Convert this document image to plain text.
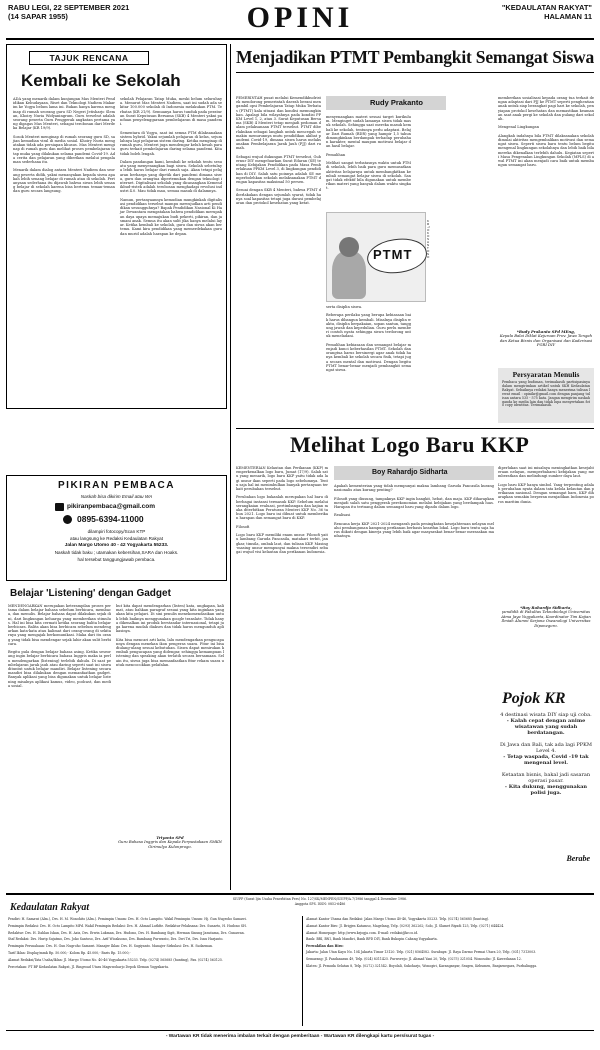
RABU LEGI, 22 SEPTEMBER 2021
(14 SAPAR 1955)	OPINI	"KEDAULATAN RAKYAT"
HALAMAN 11
TAJUK RENCANA
Kembali ke Sekolah
ADA yang menarik dalam kunjungan Mas Menteri Pendidikan Kebudayaan, Riset dan Teknologi Nadiem Makarim ke Yogya belum lama ini. Bukan hanya karena menginap di rumah seorang guru SD Negeri Jetisharjo Sleman, Khoiry Nuria Widyaningrum. Guru tersebut adalah seorang peserta Guru Penggerak angkatan pertama yang digagas Mas Menteri, sebagai terobosan dari Merdeka Belajar (KR 19/9).

Sosok Menteri menginap di rumah seorang guru SD, sajian kemudian viral di media sosial. Khoiry Nuria mengatakan tidak ada persiapan khusus. Mas Menteri menginap di rumah guru dan melihat proses pembelajaran tatap muka yang dilakukan selama pandemi Covid-19. Ada cerita dan pelajaran yang diberikan melalui pengalaman sederhana itu.

Menarik dalam dialog antara Menteri Nadiem dan seorang peserta didik, yakni menanyakan kepada siswa apakah lebih senang belajar di rumah atau di sekolah. Pertanyaan sederhana itu dijawab bahwa siswa lebih senang belajar di sekolah karena bisa bertemu teman-teman dan guru secara langsung.
sekolah Pelajaran Tatap Muka, meski belum seluruhnya. Menurut Mas Menteri Nadiem, saat ini sudah ada sekitar 100.000 sekolah di Indonesia melakukan PTM. Terbatas (KR 21/9). Semuanya harus tunduk pada peraturan Surat Keputusan Bersama (SKB) 4 Menteri yakni panduan penyelenggaraan pembelajaran di masa pandemi.

Sementara di Yogya, saat ini semua PTM dilaksanakan sistem hybrid. Yakni sejumlah pelajaran di kelas, sejumlahnya lagi pelajaran sistem daring. Ketika menginap di rumah guru, Menteri juga mendengar keluh kesah para guru terkait pembelajaran daring selama pandemi. Kita tidak boleh lengah.

Dalam pandangan kami, kembali ke sekolah tentu sesuatu yang menyenangkan bagi siswa. Sekolah sebetulnya lebih harus belajar dari rumah saja. Akan tetapi pelajaran berharga yang dipetik dari pandemi dimana siswa, guru dan orangtua dipertemukan dengan teknologi internet. Digitalisasi sekolah yang dicanangkan Kemendikbud-ristek adalah terobosan menghadapi revolusi industri 4.0. Mau tidak mau, semua masuk di dalamnya.

Namun, pertanyaannya kemudian mungkinkah digitalisasi pendidikan tersebut mampu mewujudkan arti pendidikan sesungguhnya? Bapak Pendidikan Nasional Ki Hajar Dewantara mengatakan bahwa pendidikan merupakan daya upaya memajukan budi pekerti, pikiran, dan jasmani anak. Semua itu akan sulit jika hanya melalui layar. Ketika kembali ke sekolah, guru dan siswa akan bertemu. Kami kira pendidikan yang memerdekakan guru dan murid adalah harapan ke depan.
PIKIRAN PEMBACA
Naskah bisa dikirim Email atau WA
pikiranpembaca@gmail.com
0895-6394-11000
dilampiri fotocopy/Scan KTP
atau langsung ke Redaksi Kedaulatan Rakyat
Jalan Margo Utomo 40 - 42 Yogyakarta 55233.
Naskah tidak baku ; utamakan kebersihan,SARA dan Hoaks.
hal tersebut tanggungjawab pembaca.
Belajar 'Listening' dengan Gadget
MENDENGARKAN merupakan keterampilan proses pertama dalam belajar bahasa sebelum berbicara, membaca, dan menulis. Belajar bahasa dapat dilakukan sejak dini, dari lingkungan keluarga yang memberikan stimulus. Hal ini bisa kita cermati ketika seorang balita belajar berbicara. Balita akan bisa berbicara sebelum mendengarkan kata-kata atau kalimat dari orang-orang di sekitarnya yang mengajak berkomunikasi. Maka dari itu orang yang tidak bisa mendengar sejak lahir akan sulit berbicara.

Begitu pula dengan belajar bahasa asing. Ketika seseorang ingin belajar berbicara bahasa Inggris maka ia perlu mendengarkan (listening) terlebih dahulu. Di saat pembelajaran jarak jauh atau daring seperti saat ini siswa dituntut untuk belajar mandiri. Belajar listening secara mandiri bisa dilakukan dengan memanfaatkan gadget. Banyak aplikasi yang bisa digunakan untuk belajar listening misalnya aplikasi kamus, video, podcast, dan media sosial.
but kita dapat mendengarkan (listen) kata, ungkapan, kalimat, atau bahkan paragraf sesuai yang kita inginkan yang akan kita pelajari. Di sini penulis menekomendasikan untuk lebih baiknya menggunakan google translate. Tidak hanya dikenalkan ini produk berstandar internasional, tetapi juga karena mudah diakses dan tidak harus mengunduh aplikasinya.

Kita bisa mencari arti kata, lalu mendengarkan pengucapannya dengan menekan ikon pengeras suara. Fitur ini bisa diulang-ulang sesuai kebutuhan. Siswa dapat menirukan kembali pengucapan yang didengar, sehingga kemampuan listening dan speaking akan terlatih secara bersamaan. Selain itu, siswa juga bisa memanfaatkan fitur rekam suara untuk mencocokkan pelafalan.
Triyanto SPd
Guru Bahasa Inggris dan Kepala Perpustakaan SMKN Girimulyo Kulonprogo.
Menjadikan PTMT Pembangkit Semangat Siswa
PEMERINTAH pusat melalui Kemendikbudristek mendorong pemerintah daerah berani mengambil opsi Pembelajaran Tatap Muka Terbatas (PTMT) kala situasi dan kondisi memungkinkan. Apalagi bila wilayahnya pada kondisi PPKM Level 1, 2, atau 3. Surat Keputusan Bersama (SKB) 4 Menteri tetap menjadi pedoman dalam pelaksanaan PTMT tersebut. PTMT diberlakukan sebagai langkah untuk mencegah semakin menurunnya mutu pendidikan akibat pandemi Covid-19, dimana siswa harus melaksanakan Pembelajaran Jarak Jauh (PJJ) dari rumah.

Sebagai wujud dukungan PTMT tersebut, Gubernur DIY mengeluarkan Surat Edaran (SE) tentang Kebijakan Pendidikan pada Masa Pemberlakuan PPKM Level 3, di lingkungan pendidikan di DIY. Salah satu poinnya adalah SE memperbolehkan sekolah melaksanakan PTMT dengan kapasitas maksimal 50 persen.

Sesuai dengan SKB 4 Menteri, bahwa PTMT diberlakukan dengan sejumlah syarat, tidak hanya soal kapasitas tetapi juga durasi pembelajaran dan protokol kesehatan yang ketat.
Rudy Prakanto
menyenangkan materi sesuai target kurikulum. Menginget sudah lamanya siswa tidak masuk sekolah. Sehingga saat mereka masuk kembali ke sekolah, tentunya perlu adaptasi. Belajar Dari Rumah (BDR) yang hampir 1,5 tahun dimungkinkan berdampak terhadap perubahan karakter, mental maupun motivasi belajar dan hasil belajar.

Pemulihan

Melihat sangat terbatasnya waktu untuk PTM di sekolah, lebih baik para guru memusatkan aktivitas belajarnya untuk membangkitkan kembali semangat belajar siswa di sekolah. Sangat tidak efektif bila digunakan untuk memberikan materi yang banyak dalam waktu singkat.
PTMT
KR-JOKO SANTOSO
serta disiplin siswa.

Beberapa perilaku yang berupa kebiasaan baik harus dibangun kembali. Misalnya disiplin waktu, disiplin berpakaian, sopan santun, tanggung jawab dan kepedulian. Guru perlu memberi contoh nyata sehingga siswa terdorong untuk meneladani.

Pemulihan kebiasaan dan semangat belajar menjadi kunci keberhasilan PTMT. Sekolah dan orangtua harus bersinergi agar anak tidak hanya kembali ke sekolah secara fisik, tetapi juga secara mental dan motivasi. Dengan begitu PTMT benar-benar menjadi pembangkit semangat siswa.
memberikan sosialisasi kepada orang tua terkait dengan adaptasi dari PJJ ke PTMT seperti penghentian anak untuk siap berangkat pagi hari ke sekolah, penyiapan protokol kesehatan dan memastikan keamanan saat anak pergi ke sekolah dan pulang dari sekolah.

Mengenal Lingkungan

Alangkah indahnya bila PTMT dilaksanakan sekolah dimulai aktivitas mengembalikan motivasi dan semangat siswa. Seperti siswa baru tentu belum begitu mengenal lingkungan sekolahnya dan lebih baik bila mereka dikenalkan terlebih dahulu. Kegiatan seperti Masa Pengenalan Lingkungan Sekolah (MPLS) di awal PTMT ini akan menjadi cara baik untuk membangun semangat baru.
*Rudy Prakanto SPd MEng,
Kepala Balai Diklat Kejuruan Prov. Jawa Tengah dan Ketua Bisnis dan Organisasi dan Kaderisasi PGRI DIY
Persyaratan Menulis
Pembaca yang budiman, terimakasih partisipasinya dalam mengirimkan artikel untuk SKH Kedaulatan Rakyat. Sebaiknya redaksi hanya menerima tulisan lewat email : opinikr@gmail.com dengan panjang tulisan antara 535 - 575 kata. Jangan mengirim naskah ganda ke media lain dan tidak lupa menyertakan foto copy identitas. Terimakasih.
Melihat Logo Baru KKP
KEMENTERIAN Kelautan dan Perikanan (KKP) memperkenalkan logo baru, Jumat (17/9). Salah satu yang menarik, logo baru KKP yaitu tidak ada lagi unsur ikan seperti pada logo sebelumnya. Tentu saja hal ini menimbulkan banyak pertanyaan terkait perubahan tersebut.

Perubahan logo bukanlah merupakan hal baru di berbagai instansi termasuk KKP. Sebelum melalui serangkaian evaluasi, pertimbangan dan kajian maka diterbitkan Peraturan Menteri KKP No. 36 tahun 2021. Logo baru ini dibuat untuk memberikan harapan dan semangat baru di KKP.

Filosofi

Logo baru KKP memiliki enam unsur. Filosofi yaitu lambang Garuda Pancasila, matahari terbit, jangkar, timsila, ombak laut, dan tulisan KKP. Masing-masing unsur mempunyai makna tersendiri sebagai wujud visi kelautan dan perikanan Indonesia.
Boy Rahardjo Sidharta
Apakah kementerian yang tidak mempunyai makna lambang Garuda Pancasila kurang nasionalis atau kurang penting?

Filosofi yang diusung, tampaknya KKP ingin bangkit, hebat, dan maju. KKP diharapkan menjadi salah satu penggerak perekonomian melalui kebijakan yang berdampak luas. Harapan itu tertuang dalam semangat baru yang dipadu dalam logo.

Realisasi

Rencana kerja KKP 2021-2024 mengarah pada peningkatan kesejahteraan nelayan melalui pembangunan kampung perikanan berbasis kearifan lokal. Logo baru tentu saja harus diikuti dengan kinerja yang lebih baik agar masyarakat benar-benar merasakan manfaatnya.
diperlukan saat ini misalnya meningkatkan kesejahteraan nelayan, memperbaharui kebijakan yang memberatkan dan melindungi sumber daya laut.

Logo baru KKP hanya simbol. Yang terpenting adalah perubahan nyata dalam tata kelola kelautan dan perikanan nasional. Dengan semangat baru, KKP diharapkan semakin berperan menjadikan Indonesia poros maritim dunia.
*Boy Rahardjo Sidharta,
pendidik di Fakultas Teknobiologi Universitas Atma Jaya Yogyakarta, Koordinator Tim Kajian Ilmiah Alumni Sarjana Oseanologi Universitas Diponegoro.
Pojok KR
4 destinasi wisata DIY siap uji coba.
- Kalah cepat dengan anime wisatawan yang sudah berdatangan.
Di Jawa dan Bali, tak ada lagi PPKM Level 4.
- Tetap waspada, Covid -19 tak mengenal level.
Ketaatan bisnis, bakal jadi sasaran operasi pasar.
- Kita dukung, menggunakan polisi juga.
Berabe
Kedaulatan Rakyat
SIUPP (Surat Ijin Usaha Penerbitan Pers) No. 127/SK/MENPEN/SIUPP/A.7/1986 tanggal 4 Desember 1986.
Anggota SPS. ISSN: 0852-6486
Pendiri: H. Samawi (Alm.), Drs. H. M. Wonohito (Alm.). Pemimpin Umum: Drs. H. Octo Lampito. Wakil Pemimpin Umum: Hj. Gun Nugroho Samawi.
Pemimpin Redaksi: Drs. H. Octo Lampito MPd. Wakil Pemimpin Redaksi: Drs. H. Ahmad Luthfie. Redaktur Pelaksana: Drs. Sunarto, H. Hudono SH.
Redaktur: Drs. H. Dahlan Iskan, Drs. H. Aziz, Drs. Erwin Lukman, Drs. Hudono, Drs. H. Bambang Sigit, Herman Sinung Janutama, Drs. Gunawan.
Staf Redaksi: Drs. Hurip Sujatmo, Drs. Joko Santoso, Drs. Arif Wicaksono, Drs. Bambang Purwanto, Drs. Dwi Tri, Drs. Isnu Harjanto.
Pemimpin Perusahaan: Drs. H. Gun Nugroho Samawi. Manajer Iklan: Drs. H. Sugiyanto. Manajer Sirkulasi: Drs. H. Sudarman.
Tarif Iklan: Display/mmk Rp. 50.000,- Kolom Rp. 45.000,- Baris Rp. 15.000,-
Alamat Redaksi/Tata Usaha/Iklan: Jl. Margo Utomo No. 40-46 Yogyakarta 55233. Telp. (0274) 565685 (hunting), Fax. (0274) 563125.
Percetakan: PT BP Kedaulatan Rakyat, Jl. Ringroad Utara Maguwoharjo Depok Sleman Yogyakarta.
Alamat Kantor Utama dan Redaksi: Jalan Margo Utomo 40-46, Yogyakarta 55233. Telp. (0274) 565685 (hunting).
Alamat Kantor Biro: Jl. Brigjen Katamso, Magelang, Telp. (0293) 362262; Solo, Jl. Slamet Riyadi 125, Telp. (0271) 644424.
Alamat Homepage: http://www.krjogja.com. E-mail: redaksi@kr.co.id.
Bank: BRI, BNI, Bank Mandiri, Bank BPD DIY, Bank Bukopin Cabang Yogyakarta.
Perwakilan dan Biro:
Jakarta: Jalan Utan Kayu No. 104 Jakarta Timur 13120. Telp. (021) 8564582. Surabaya: Jl. Raya Darmo Permai Utara 20, Telp. (031) 7313003.
Semarang: Jl. Pandanaran 49, Telp. (024) 8311425. Purworejo: Jl. Ahmad Yani 20, Telp. (0275) 321054. Wonosobo: Jl. Kawedanan 12.
Klaten: Jl. Pemuda Selatan 8, Telp. (0272) 321542. Boyolali, Sukoharjo, Wonogiri, Karanganyar, Sragen, Kebumen, Banjarnegara, Purbalingga.
- Wartawan KR tidak menerima imbalan terkait dengan pemberitaan - Wartawan KR dilengkapi kartu pers/surat tugas -
